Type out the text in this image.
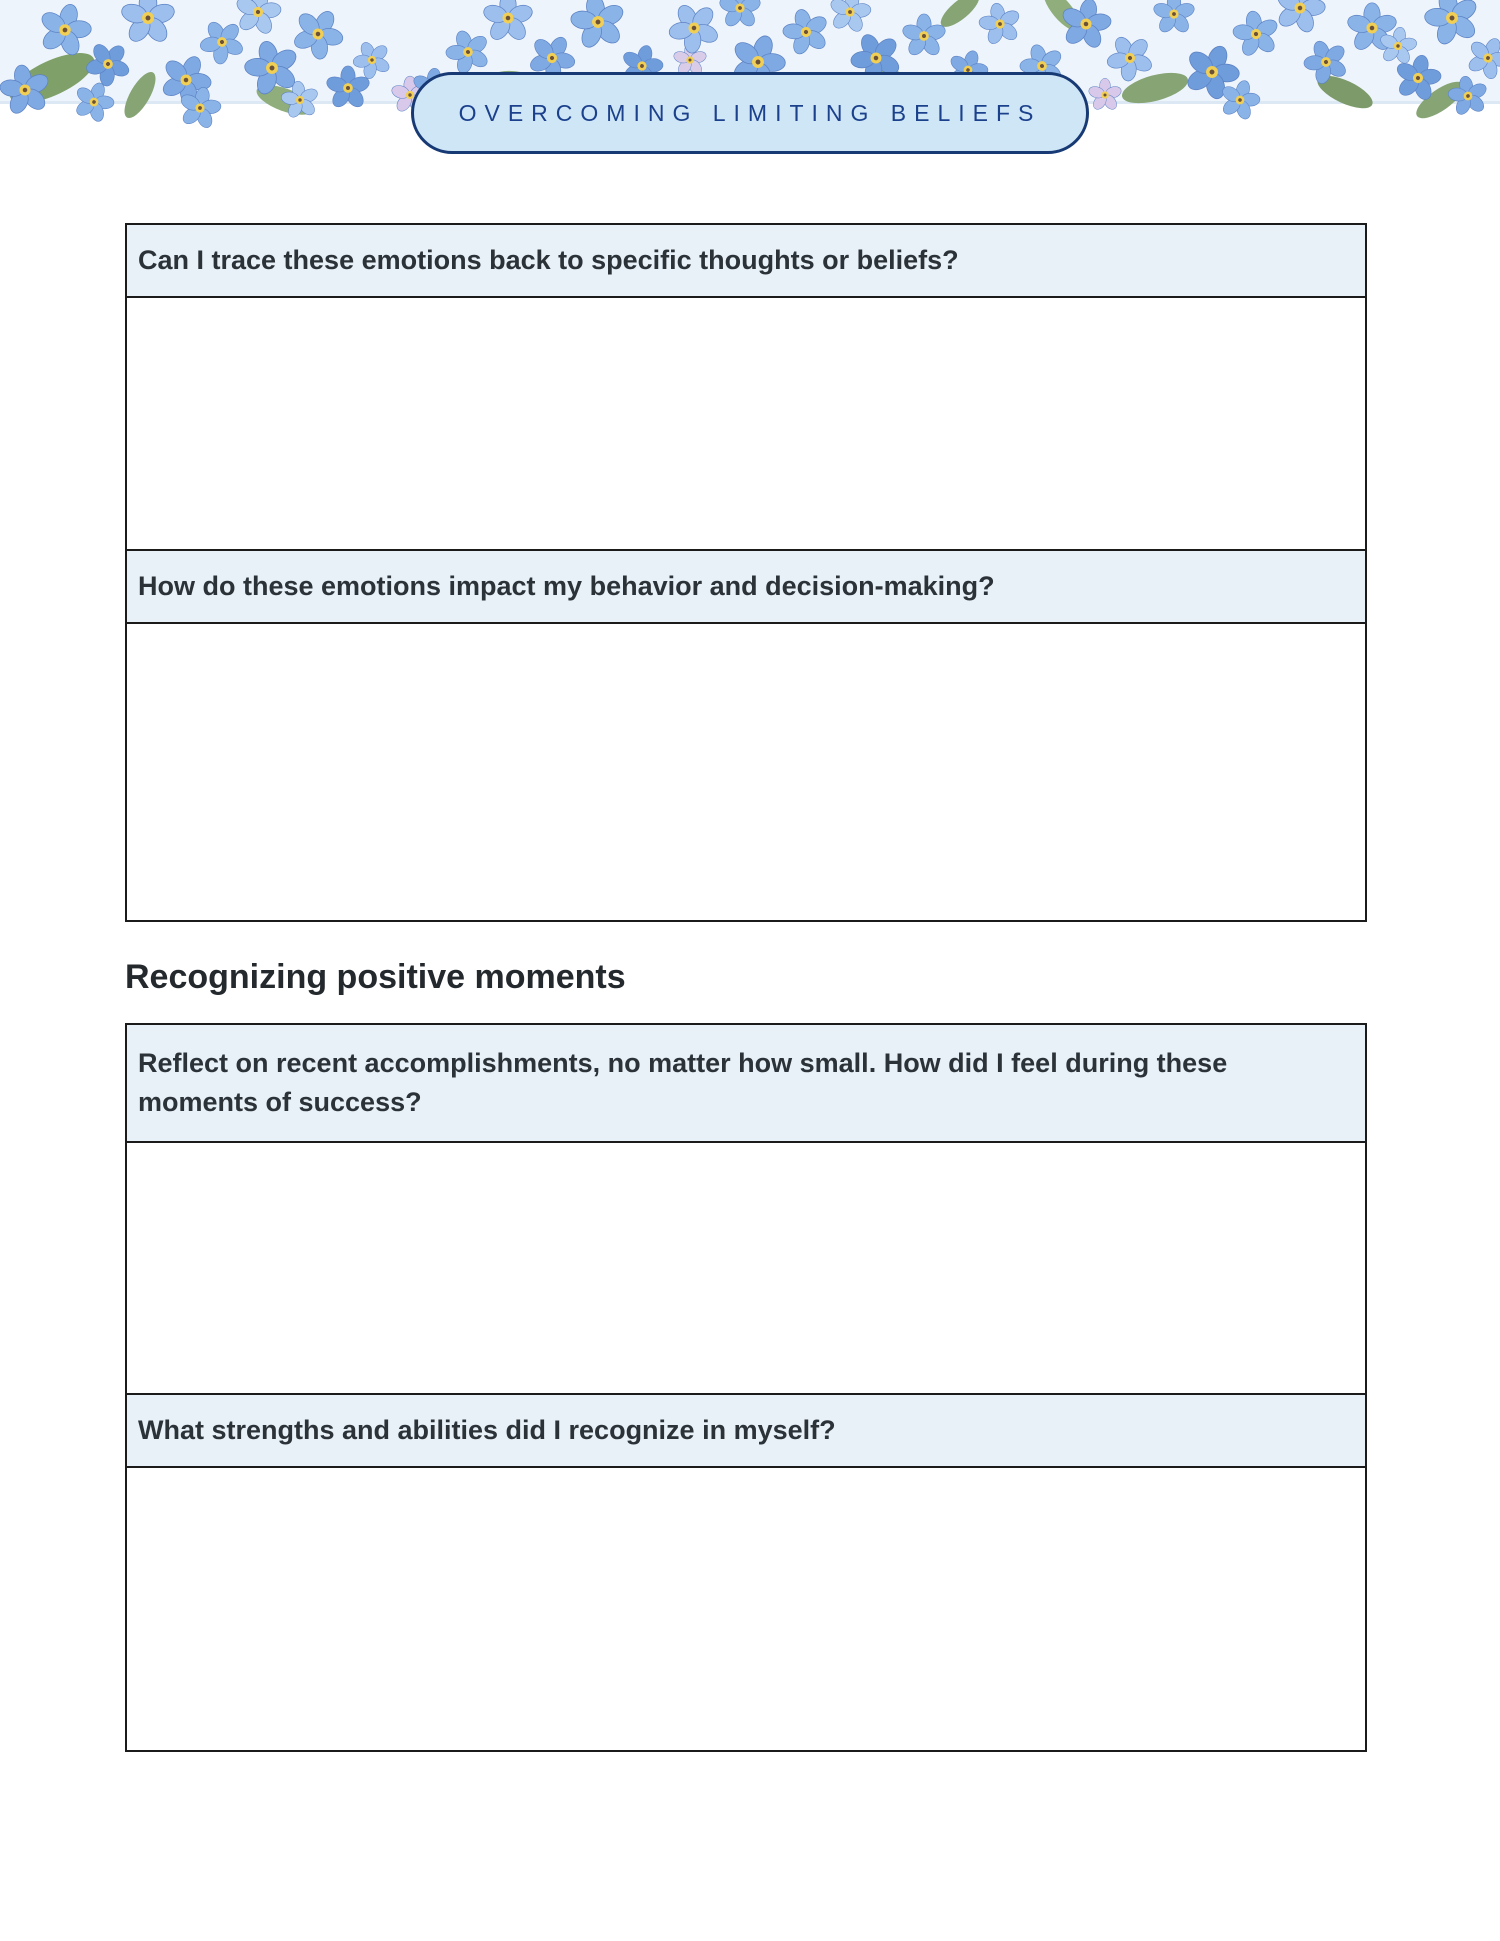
OVERCOMING LIMITING BELIEFS
Can I trace these emotions back to specific thoughts or beliefs?
How do these emotions impact my behavior and decision-making?
Recognizing positive moments
Reflect on recent accomplishments, no matter how small. How did I feel during these moments of success?
What strengths and abilities did I recognize in myself?
